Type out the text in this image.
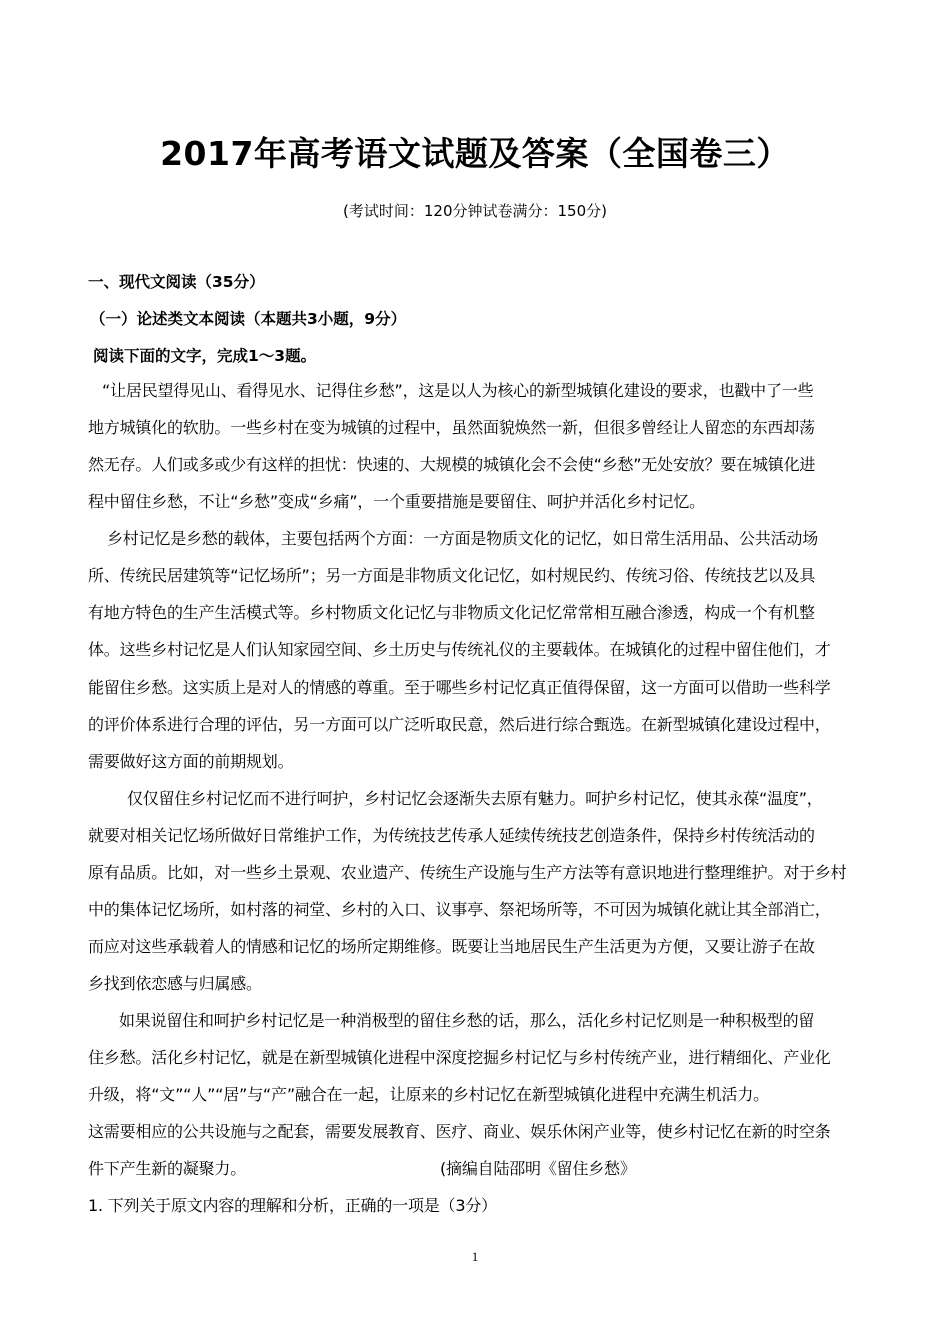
2017年高考语文试题及答案（全国卷三）
(考试时间：120分钟试卷满分：150分)
一、现代文阅读（35分）
（一）论述类文本阅读（本题共3小题，9分）
阅读下面的文字，完成1～3题。
“让居民望得见山、看得见水、记得住乡愁”，这是以人为核心的新型城镇化建设的要求，也戳中了一些
地方城镇化的软肋。一些乡村在变为城镇的过程中，虽然面貌焕然一新，但很多曾经让人留恋的东西却荡
然无存。人们或多或少有这样的担忧：快速的、大规模的城镇化会不会使“乡愁”无处安放？要在城镇化进
程中留住乡愁，不让“乡愁”变成“乡痛”，一个重要措施是要留住、呵护并活化乡村记忆。
乡村记忆是乡愁的载体，主要包括两个方面：一方面是物质文化的记忆，如日常生活用品、公共活动场
所、传统民居建筑等“记忆场所”；另一方面是非物质文化记忆，如村规民约、传统习俗、传统技艺以及具
有地方特色的生产生活模式等。乡村物质文化记忆与非物质文化记忆常常相互融合渗透，构成一个有机整
体。这些乡村记忆是人们认知家园空间、乡土历史与传统礼仪的主要载体。在城镇化的过程中留住他们，才
能留住乡愁。这实质上是对人的情感的尊重。至于哪些乡村记忆真正值得保留，这一方面可以借助一些科学
的评价体系进行合理的评估，另一方面可以广泛听取民意，然后进行综合甄选。在新型城镇化建设过程中，
需要做好这方面的前期规划。
仅仅留住乡村记忆而不进行呵护，乡村记忆会逐渐失去原有魅力。呵护乡村记忆，使其永葆“温度”，
就要对相关记忆场所做好日常维护工作，为传统技艺传承人延续传统技艺创造条件，保持乡村传统活动的
原有品质。比如，对一些乡土景观、农业遗产、传统生产设施与生产方法等有意识地进行整理维护。对于乡村
中的集体记忆场所，如村落的祠堂、乡村的入口、议事亭、祭祀场所等，不可因为城镇化就让其全部消亡，
而应对这些承载着人的情感和记忆的场所定期维修。既要让当地居民生产生活更为方便，又要让游子在故
乡找到依恋感与归属感。
如果说留住和呵护乡村记忆是一种消极型的留住乡愁的话，那么，活化乡村记忆则是一种积极型的留
住乡愁。活化乡村记忆，就是在新型城镇化进程中深度挖掘乡村记忆与乡村传统产业，进行精细化、产业化
升级，将“文”“人”“居”与“产”融合在一起，让原来的乡村记忆在新型城镇化进程中充满生机活力。
这需要相应的公共设施与之配套，需要发展教育、医疗、商业、娱乐休闲产业等，使乡村记忆在新的时空条
件下产生新的凝聚力。	(摘编自陆邵明《留住乡愁》
1. 下列关于原文内容的理解和分析，正确的一项是（3分）
1
